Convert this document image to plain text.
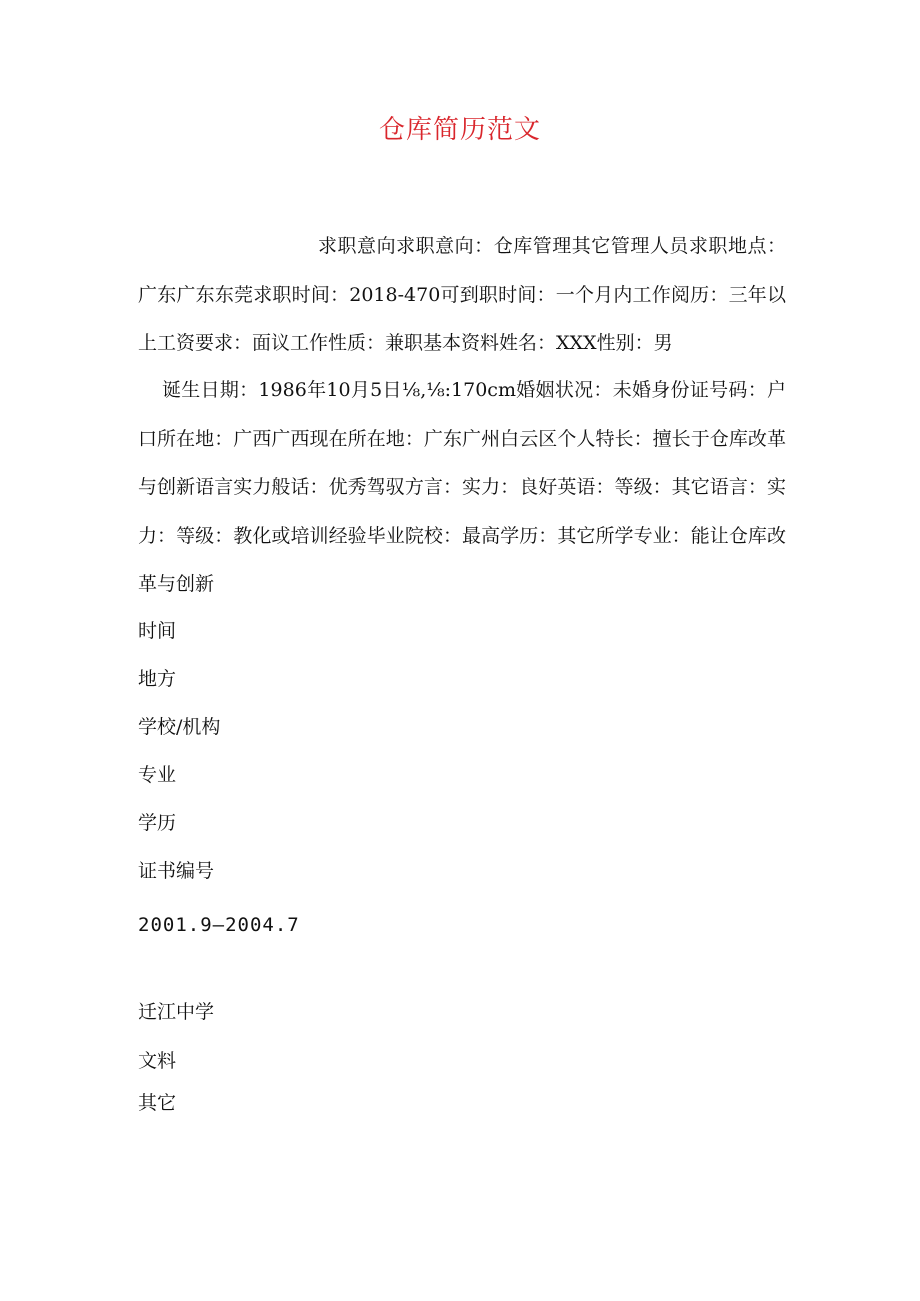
仓库简历范文
求职意向求职意向：仓库管理其它管理人员求职地点：广东广东东莞求职时间：2018-470可到职时间：一个月内工作阅历：三年以上工资要求：面议工作性质：兼职基本资料姓名：XXX性别：男
诞生日期：1986年10月5日⅛,⅛:170cm婚姻状况：未婚身份证号码：户口所在地：广西广西现在所在地：广东广州白云区个人特长：擅长于仓库改革与创新语言实力般话：优秀驾驭方言：实力：良好英语：等级：其它语言：实力：等级：教化或培训经验毕业院校：最高学历：其它所学专业：能让仓库改革与创新
时间
地方
学校/机构
专业
学历
证书编号
2001.9—2004.7
迁江中学
文料
其它
